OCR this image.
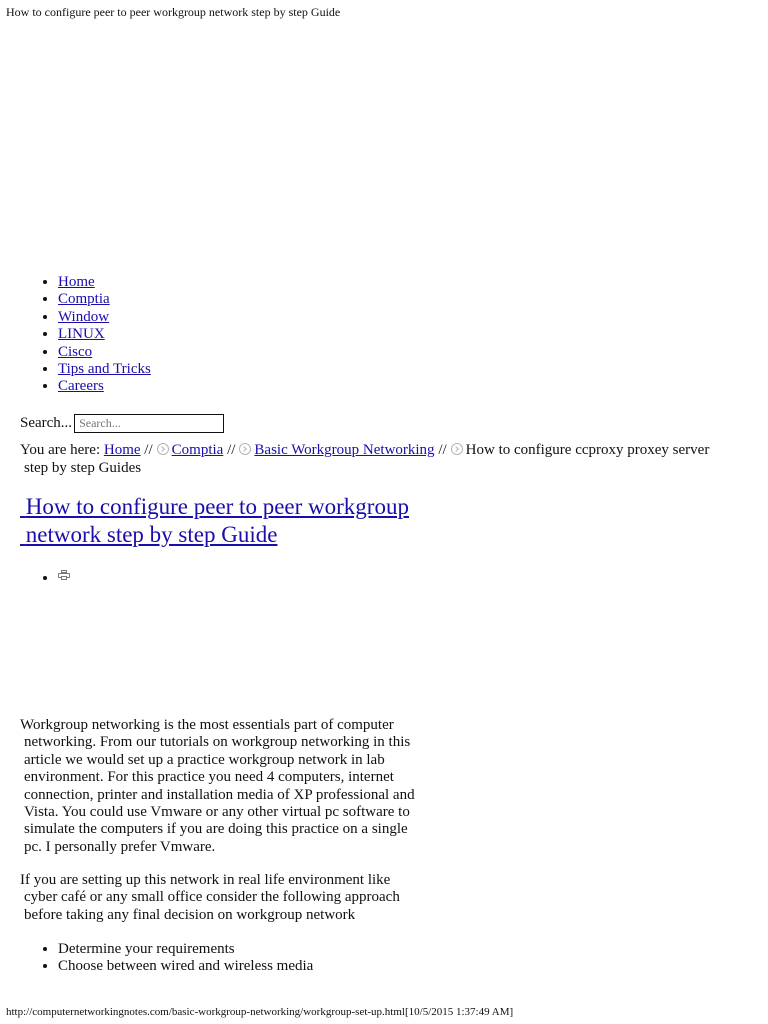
How to configure peer to peer workgroup network step by step Guide
• Home
• Comptia
• Window
• LINUX
• Cisco
• Tips and Tricks
• Careers
Search...
Search...
You are here: Home // Comptia // Basic Workgroup Networking // How to configure ccproxy proxey server
step by step Guides
How to configure peer to peer workgroup
network step by step Guide
•

Workgroup networking is the most essentials part of computer
networking. From our tutorials on workgroup networking in this
article we would set up a practice workgroup network in lab
environment. For this practice you need 4 computers, internet
connection, printer and installation media of XP professional and
Vista. You could use Vmware or any other virtual pc software to
simulate the computers if you are doing this practice on a single
pc. I personally prefer Vmware.

If you are setting up this network in real life environment like
cyber café or any small office consider the following approach
before taking any final decision on workgroup network

• Determine your requirements
• Choose between wired and wireless media
http://computernetworkingnotes.com/basic-workgroup-networking/workgroup-set-up.html[10/5/2015 1:37:49 AM]
